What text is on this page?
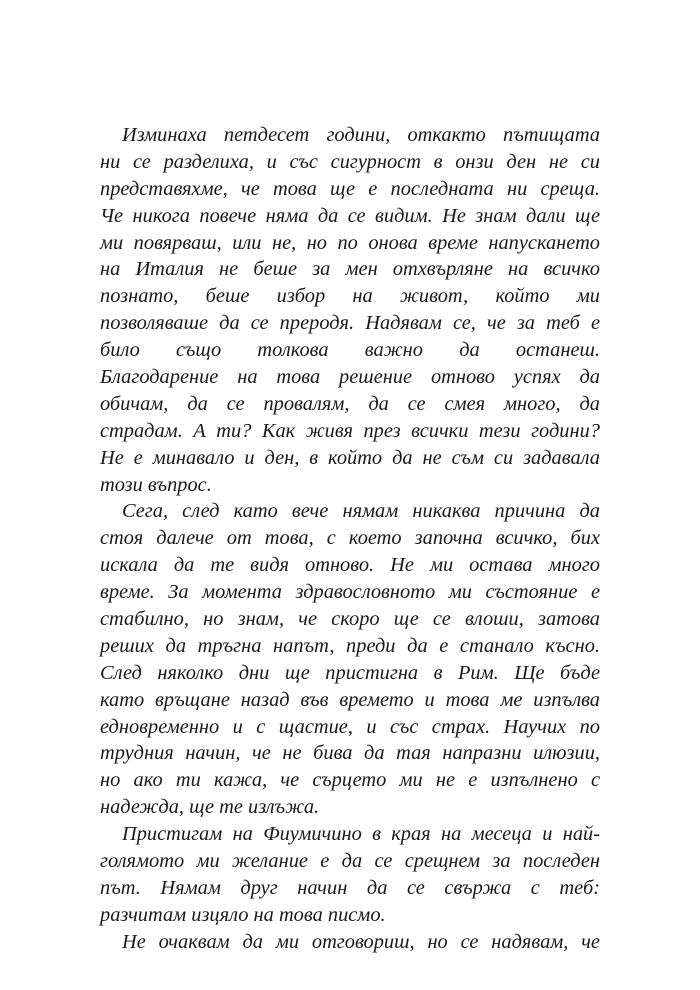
Изминаха петдесет години, откакто пътищата
ни се разделиха, и със сигурност в онзи ден не си
представяхме, че това ще е последната ни среща.
Че никога повече няма да се видим. Не знам дали ще
ми повярваш, или не, но по онова време напускането
на Италия не беше за мен отхвърляне на всичко
познато, беше избор на живот, който ми
позволяваше да се преродя. Надявам се, че за теб е
било също толкова важно да останеш.
Благодарение на това решение отново успях да
обичам, да се провалям, да се смея много, да
страдам. А ти? Как живя през всички тези години?
Не е минавало и ден, в който да не съм си задавала
този въпрос.
Сега, след като вече нямам никаква причина да
стоя далече от това, с което започна всичко, бих
искала да те видя отново. Не ми остава много
време. За момента здравословното ми състояние е
стабилно, но знам, че скоро ще се влоши, затова
реших да тръгна напът, преди да е станало късно.
След няколко дни ще пристигна в Рим. Ще бъде
като връщане назад във времето и това ме изпълва
едновременно и с щастие, и със страх. Научих по
трудния начин, че не бива да тая напразни илюзии,
но ако ти кажа, че сърцето ми не е изпълнено с
надежда, ще те излъжа.
Пристигам на Фиумичино в края на месеца и най-
голямото ми желание е да се срещнем за последен
път. Нямам друг начин да се свържа с теб:
разчитам изцяло на това писмо.
Не очаквам да ми отговориш, но се надявам, че
